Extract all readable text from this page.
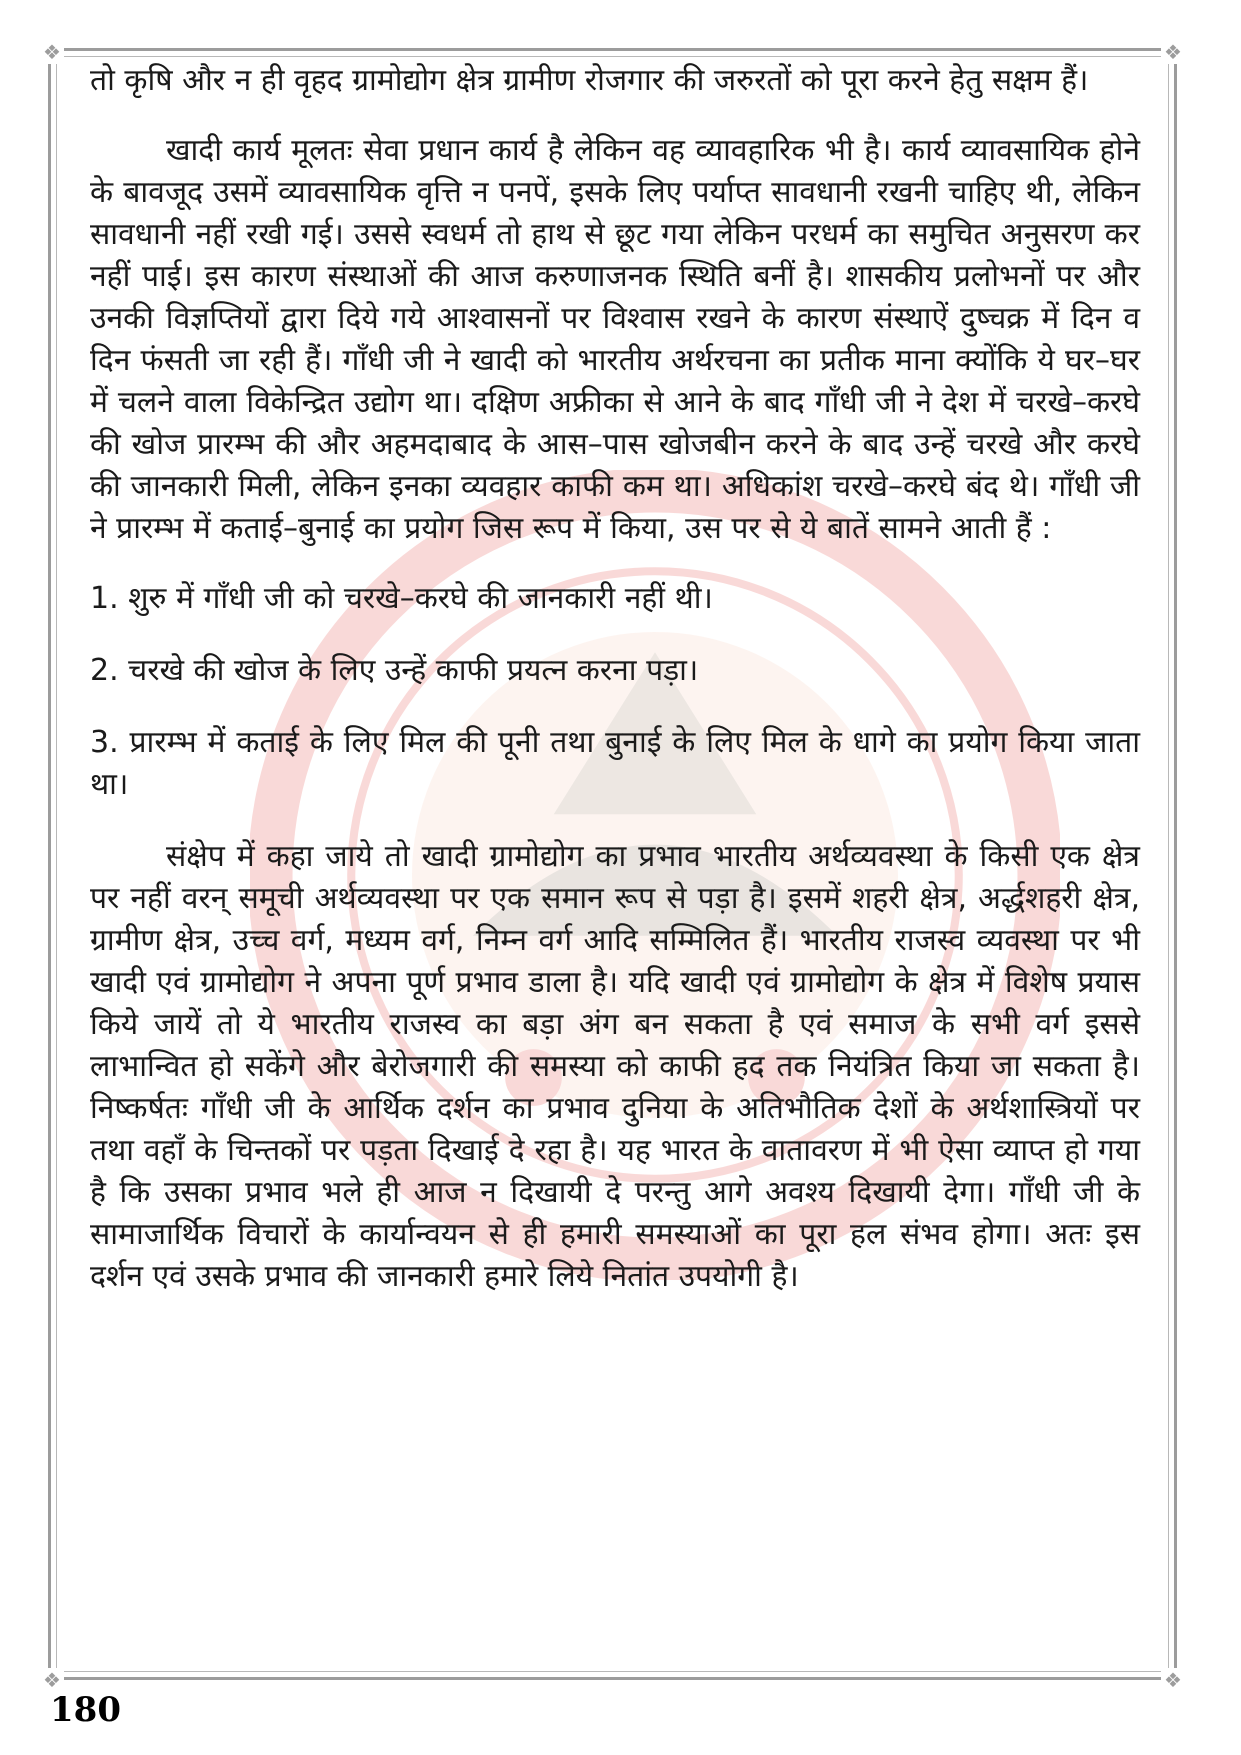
❖	❖
❖	❖

तो कृषि और न ही वृहद ग्रामोद्योग क्षेत्र ग्रामीण रोजगार की जरुरतों को पूरा करने हेतु सक्षम हैं।

खादी कार्य मूलतः सेवा प्रधान कार्य है लेकिन वह व्यावहारिक भी है। कार्य व्यावसायिक होने के बावजूद उसमें व्यावसायिक वृत्ति न पनपें, इसके लिए पर्याप्त सावधानी रखनी चाहिए थी, लेकिन सावधानी नहीं रखी गई। उससे स्वधर्म तो हाथ से छूट गया लेकिन परधर्म का समुचित अनुसरण कर नहीं पाई। इस कारण संस्थाओं की आज करुणाजनक स्थिति बनीं है। शासकीय प्रलोभनों पर और उनकी विज्ञप्तियों द्वारा दिये गये आश्वासनों पर विश्वास रखने के कारण संस्थाऐं दुष्चक्र में दिन व दिन फंसती जा रही हैं। गाँधी जी ने खादी को भारतीय अर्थरचना का प्रतीक माना क्योंकि ये घर–घर में चलने वाला विकेन्द्रित उद्योग था। दक्षिण अफ्रीका से आने के बाद गाँधी जी ने देश में चरखे–करघे की खोज प्रारम्भ की और अहमदाबाद के आस–पास खोजबीन करने के बाद उन्हें चरखे और करघे की जानकारी मिली, लेकिन इनका व्यवहार काफी कम था। अधिकांश चरखे–करघे बंद थे। गाँधी जी ने प्रारम्भ में कताई–बुनाई का प्रयोग जिस रूप में किया, उस पर से ये बातें सामने आती हैं :

1. शुरु में गाँधी जी को चरखे–करघे की जानकारी नहीं थी।

2. चरखे की खोज के लिए उन्हें काफी प्रयत्न करना पड़ा।

3. प्रारम्भ में कताई के लिए मिल की पूनी तथा बुनाई के लिए मिल के धागे का प्रयोग किया जाता था।

संक्षेप में कहा जाये तो खादी ग्रामोद्योग का प्रभाव भारतीय अर्थव्यवस्था के किसी एक क्षेत्र पर नहीं वरन् समूची अर्थव्यवस्था पर एक समान रूप से पड़ा है। इसमें शहरी क्षेत्र, अर्द्धशहरी क्षेत्र, ग्रामीण क्षेत्र, उच्च वर्ग, मध्यम वर्ग, निम्न वर्ग आदि सम्मिलित हैं। भारतीय राजस्व व्यवस्था पर भी खादी एवं ग्रामोद्योग ने अपना पूर्ण प्रभाव डाला है। यदि खादी एवं ग्रामोद्योग के क्षेत्र में विशेष प्रयास किये जायें तो ये भारतीय राजस्व का बड़ा अंग बन सकता है एवं समाज के सभी वर्ग इससे लाभान्वित हो सकेंगे और बेरोजगारी की समस्या को काफी हद तक नियंत्रित किया जा सकता है। निष्कर्षतः गाँधी जी के आर्थिक दर्शन का प्रभाव दुनिया के अतिभौतिक देशों के अर्थशास्त्रियों पर तथा वहाँ के चिन्तकों पर पड़ता दिखाई दे रहा है। यह भारत के वातावरण में भी ऐसा व्याप्त हो गया है कि उसका प्रभाव भले ही आज न दिखायी दे परन्तु आगे अवश्य दिखायी देगा। गाँधी जी के सामाजार्थिक विचारों के कार्यान्वयन से ही हमारी समस्याओं का पूरा हल संभव होगा। अतः इस दर्शन एवं उसके प्रभाव की जानकारी हमारे लिये नितांत उपयोगी है।

180
